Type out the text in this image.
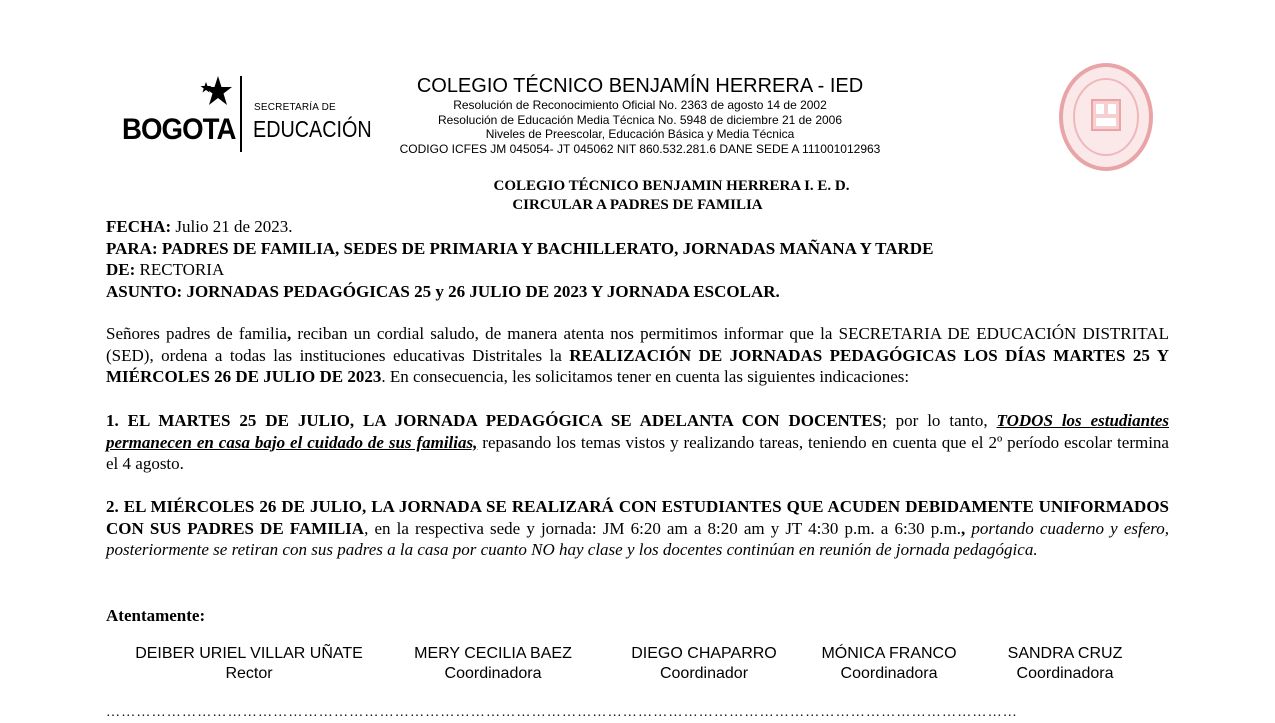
BOGOTA
SECRETARÍA DE
EDUCACIÓN
COLEGIO TÉCNICO BENJAMÍN HERRERA - IED
Resolución de Reconocimiento Oficial No. 2363 de agosto 14 de 2002
Resolución de Educación Media Técnica No. 5948 de diciembre 21 de 2006
Niveles de Preescolar, Educación Básica y Media Técnica
CODIGO ICFES JM 045054- JT 045062 NIT 860.532.281.6 DANE SEDE A 111001012963
COLEGIO TÉCNICO BENJAMIN HERRERA I. E. D.
CIRCULAR A PADRES DE FAMILIA
FECHA: Julio 21 de 2023.
PARA: PADRES DE FAMILIA, SEDES DE PRIMARIA Y BACHILLERATO, JORNADAS MAÑANA Y TARDE
DE: RECTORIA
ASUNTO: JORNADAS PEDAGÓGICAS 25 y 26 JULIO DE 2023 Y JORNADA ESCOLAR.
Señores padres de familia, reciban un cordial saludo, de manera atenta nos permitimos informar que la SECRETARIA DE EDUCACIÓN DISTRITAL (SED), ordena a todas las instituciones educativas Distritales la REALIZACIÓN DE JORNADAS PEDAGÓGICAS LOS DÍAS MARTES 25 Y MIÉRCOLES 26 DE JULIO DE 2023. En consecuencia, les solicitamos tener en cuenta las siguientes indicaciones:
1. EL MARTES 25 DE JULIO, LA JORNADA PEDAGÓGICA SE ADELANTA CON DOCENTES; por lo tanto, TODOS los estudiantes permanecen en casa bajo el cuidado de sus familias, repasando los temas vistos y realizando tareas, teniendo en cuenta que el 2º período escolar termina el 4 agosto.
2. EL MIÉRCOLES 26 DE JULIO, LA JORNADA SE REALIZARÁ CON ESTUDIANTES QUE ACUDEN DEBIDAMENTE UNIFORMADOS CON SUS PADRES DE FAMILIA, en la respectiva sede y jornada: JM 6:20 am a 8:20 am y JT 4:30 p.m. a 6:30 p.m., portando cuaderno y esfero, posteriormente se retiran con sus padres a la casa por cuanto NO hay clase y los docentes continúan en reunión de jornada pedagógica.
Atentamente:
DEIBER URIEL VILLAR UÑATE
Rector
MERY CECILIA BAEZ
Coordinadora
DIEGO CHAPARRO
Coordinador
MÓNICA FRANCO
Coordinadora
SANDRA CRUZ
Coordinadora
………………………………………………………………………………………………………………………………………………………………
